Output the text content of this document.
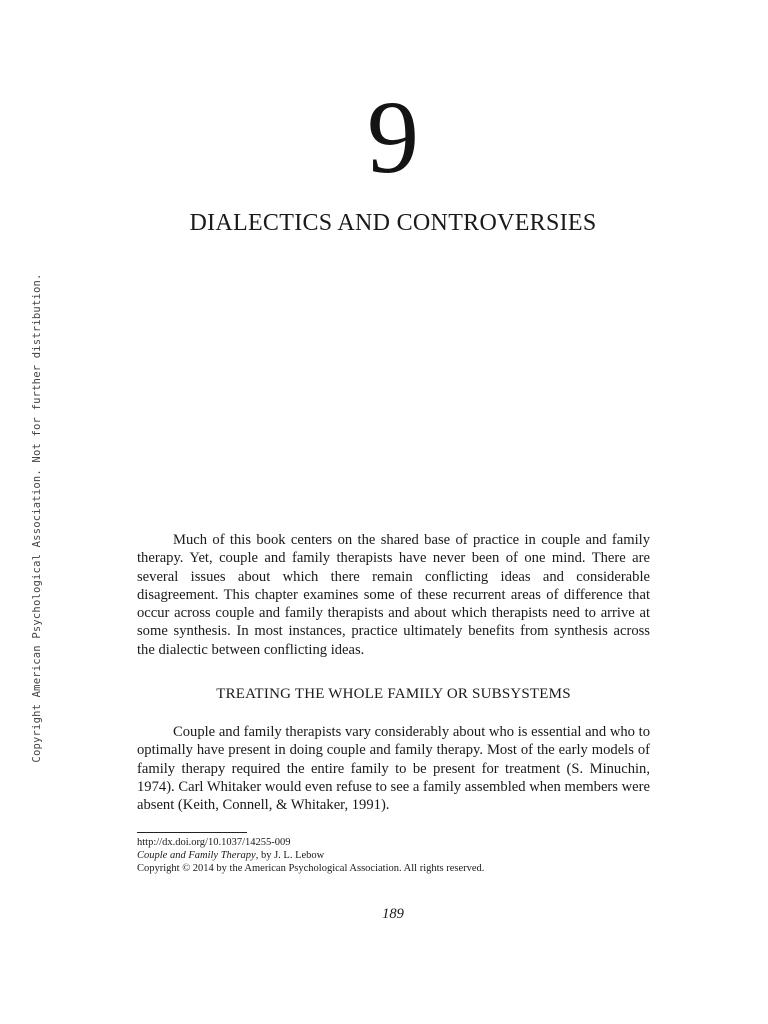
Copyright American Psychological Association. Not for further distribution.
9
DIALECTICS AND CONTROVERSIES

Much of this book centers on the shared base of practice in couple and family therapy. Yet, couple and family therapists have never been of one mind. There are several issues about which there remain conflicting ideas and considerable disagreement. This chapter examines some of these recurrent areas of difference that occur across couple and family therapists and about which therapists need to arrive at some synthesis. In most instances, practice ultimately benefits from synthesis across the dialectic between conflicting ideas.

TREATING THE WHOLE FAMILY OR SUBSYSTEMS

Couple and family therapists vary considerably about who is essential and who to optimally have present in doing couple and family therapy. Most of the early models of family therapy required the entire family to be present for treatment (S. Minuchin, 1974). Carl Whitaker would even refuse to see a family assembled when members were absent (Keith, Connell, & Whitaker, 1991).

http://dx.doi.org/10.1037/14255-009
Couple and Family Therapy, by J. L. Lebow
Copyright © 2014 by the American Psychological Association. All rights reserved.
189
